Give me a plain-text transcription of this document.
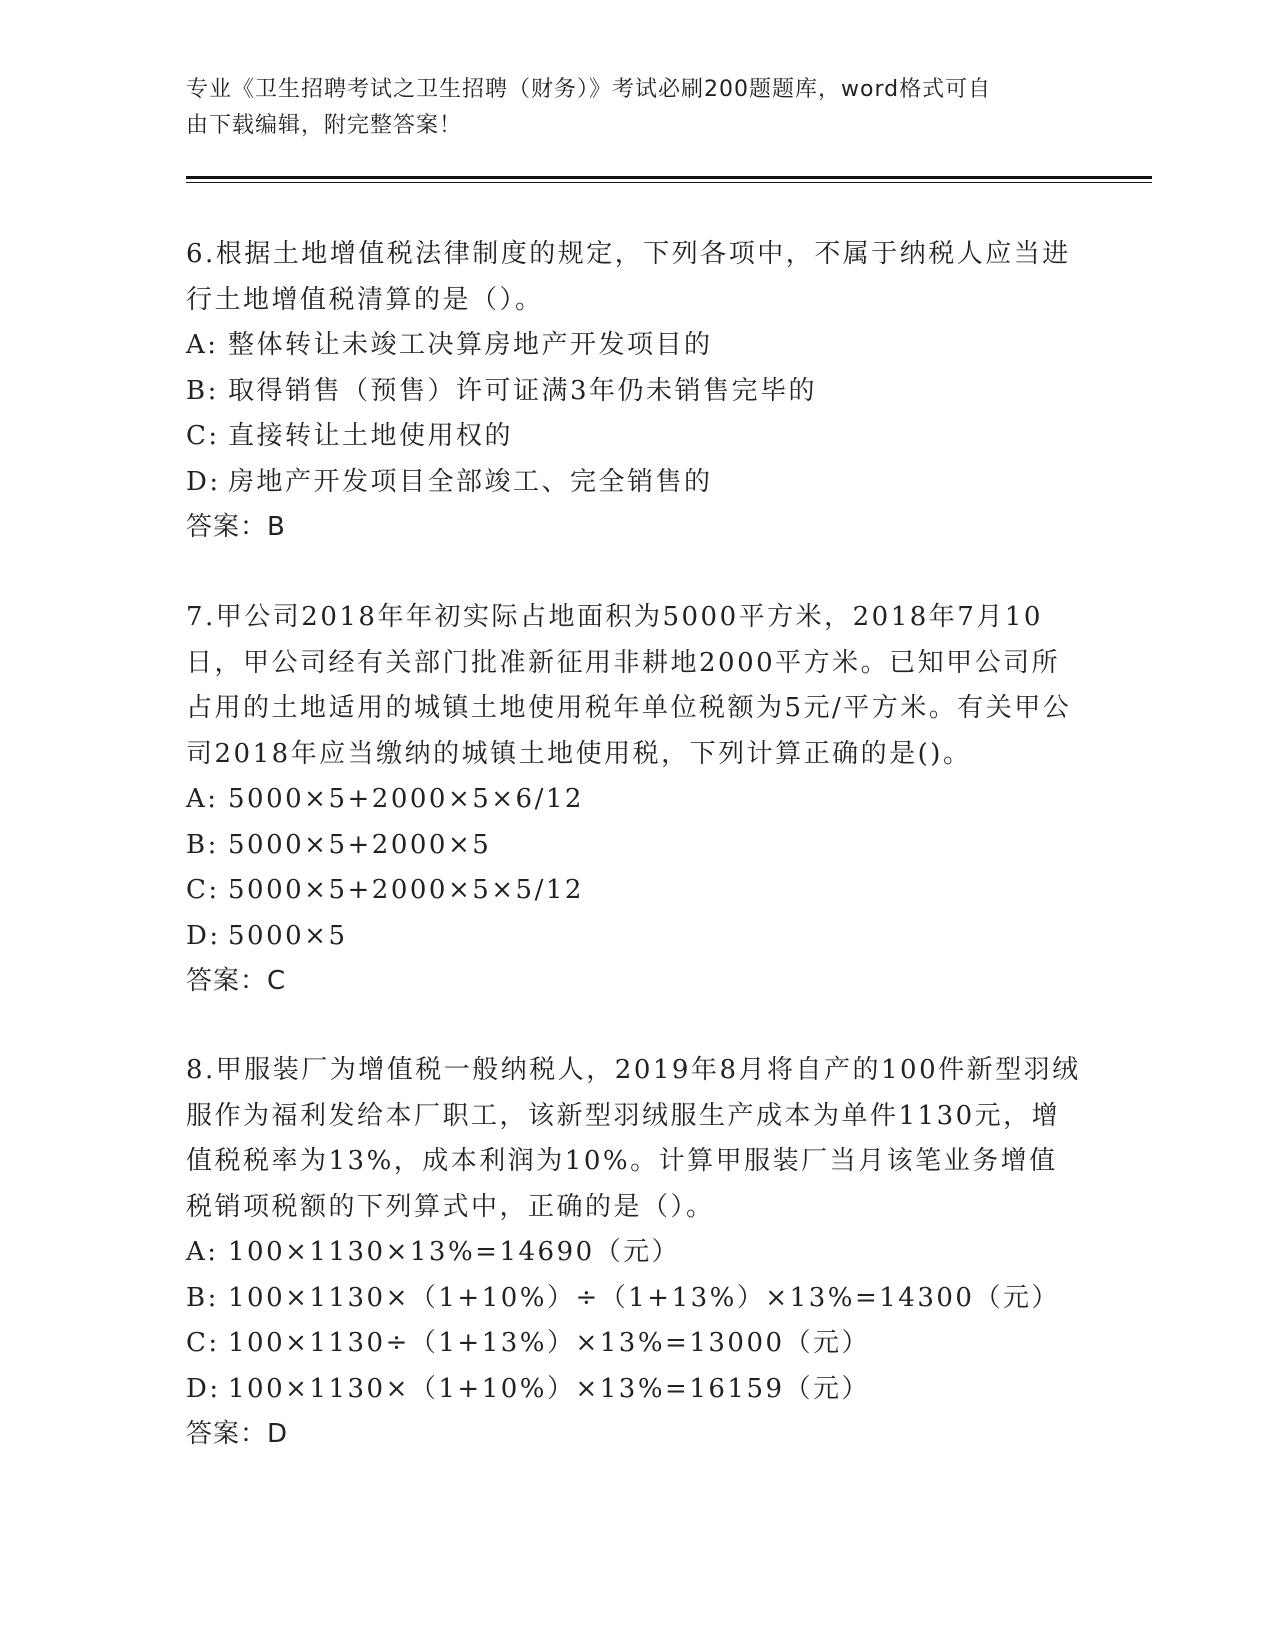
专业《卫生招聘考试之卫生招聘（财务）》考试必刷200题题库，word格式可自
由下载编辑，附完整答案！

6.根据土地增值税法律制度的规定，下列各项中，不属于纳税人应当进行土地增值税清算的是（）。

A: 整体转让未竣工决算房地产开发项目的

B: 取得销售（预售）许可证满3年仍未销售完毕的

C: 直接转让土地使用权的

D: 房地产开发项目全部竣工、完全销售的

答案：B

7.甲公司2018年年初实际占地面积为5000平方米，2018年7月10日，甲公司经有关部门批准新征用非耕地2000平方米。已知甲公司所占用的土地适用的城镇土地使用税年单位税额为5元/平方米。有关甲公司2018年应当缴纳的城镇土地使用税，下列计算正确的是()。

A: 5000×5+2000×5×6/12

B: 5000×5+2000×5

C: 5000×5+2000×5×5/12

D: 5000×5

答案：C

8.甲服装厂为增值税一般纳税人，2019年8月将自产的100件新型羽绒服作为福利发给本厂职工，该新型羽绒服生产成本为单件1130元，增值税税率为13%，成本利润为10%。计算甲服装厂当月该笔业务增值税销项税额的下列算式中，正确的是（）。

A: 100×1130×13%=14690（元）

B: 100×1130×（1+10%）÷（1+13%）×13%=14300（元）

C: 100×1130÷（1+13%）×13%=13000（元）

D: 100×1130×（1+10%）×13%=16159（元）

答案：D
